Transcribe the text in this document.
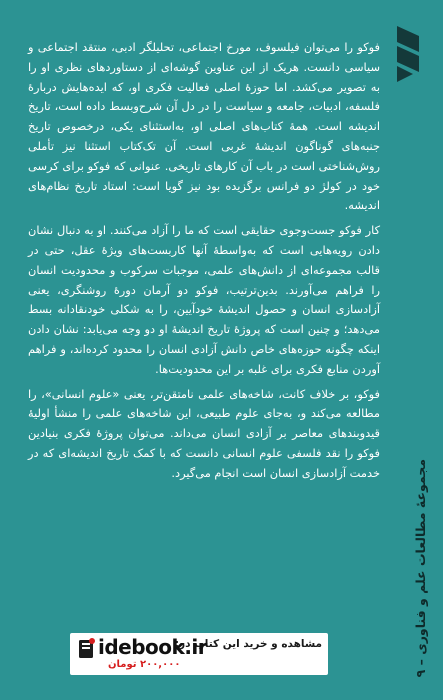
فوکو را می‌توان فیلسوف، مورخ اجتماعی، تحلیلگر ادبی، منتقد اجتماعی و سیاسی دانست. هریک از این عناوین گوشه‌ای از دستاوردهای نظری او را به تصویر می‌کشد. اما حوزهٔ اصلی فعالیت فکری او، که ایده‌هایش دربارهٔ فلسفه، ادبیات، جامعه و سیاست را در دل آن شرح‌وبسط داده است، تاریخ اندیشه است. همهٔ کتاب‌های اصلی او، به‌استثنای یکی، درخصوص تاریخ جنبه‌های گوناگون اندیشهٔ غربی است. آن تک‌کتاب استثنا نیز تأملی روش‌شناختی است در باب آن کارهای تاریخی. عنوانی که فوکو برای کرسی خود در کولژ دو فرانس برگزیده بود نیز گویا است: استاد تاریخ نظام‌های اندیشه.

کار فوکو جست‌وجوی حقایقی است که ما را آزاد می‌کنند. او به دنبال نشان دادن رویه‌هایی است که به‌واسطهٔ آنها کاربست‌های ویژهٔ عقل، حتی در قالب مجموعه‌ای از دانش‌های علمی، موجبات سرکوب و محدودیت انسان را فراهم می‌آورند. بدین‌ترتیب، فوکو دو آرمان دورهٔ روشنگری، یعنی آزادسازی انسان و حصول اندیشهٔ خودآیین، را به شکلی خودنقادانه بسط می‌دهد؛ و چنین است که پروژهٔ تاریخ اندیشهٔ او دو وجه می‌یابد: نشان دادن اینکه چگونه حوزه‌های خاص دانش آزادی انسان را محدود کرده‌اند، و فراهم آوردن منابع فکری برای غلبه بر این محدودیت‌ها.

فوکو، بر خلاف کانت، شاخه‌های علمی نامتقن‌تر، یعنی «علوم انسانی»، را مطالعه می‌کند و، به‌جای علوم طبیعی، این شاخه‌های علمی را منشأ اولیهٔ قیدوبندهای معاصر بر آزادی انسان می‌داند. می‌توان پروژهٔ فکری بنیادین فوکو را نقد فلسفی علوم انسانی دانست که با کمک تاریخ اندیشه‌ای که در خدمت آزادسازی انسان است انجام می‌گیرد.

مجموعهٔ مطالعات علم و فناوری – ۹
مشاهده و خرید این کتاب در:
idebook.ir
۲۰۰,۰۰۰ تومان
